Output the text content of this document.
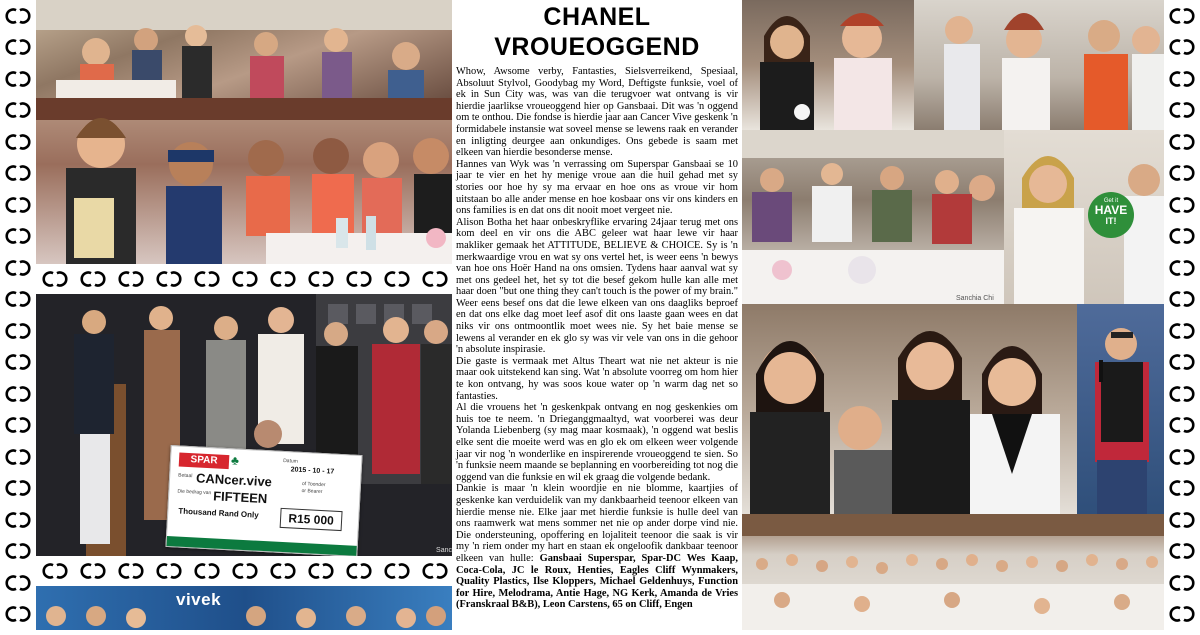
SPAR	♣	Datum
2015 - 10 - 17
Betaal CANcer.vive	of Toonder
or Bearer
Die bedrag van FIFTEEN
Thousand Rand Only	R15 000
Sanc
vivek
CHANEL
VROUEOGGEND

Whow, Awsome verby, Fantasties, Sielsverreikend, Spesiaal, Absoluut Stylvol, Goodybag my Word, Deftigste funksie, voel of ek in Sun City was, was van die terugvoer wat ontvang is vir hierdie jaarlikse vroueoggend hier op Gansbaai. Dit was 'n oggend om te onthou. Die fondse is hierdie jaar aan Cancer Vive geskenk 'n formidabele instansie wat soveel mense se lewens raak en verander en inligting deurgee aan onkundiges. Ons gebede is saam met elkeen van hierdie besonderse mense.

Hannes van Wyk was 'n verrassing om Superspar Gansbaai se 10 jaar te vier en het hy menige vroue aan die huil gehad met sy stories oor hoe hy sy ma ervaar en hoe ons as vroue vir hom uitstaan bo alle ander mense en hoe kosbaar ons vir ons kinders en ons families is en dat ons dit nooit moet vergeet nie.

Alison Botha het haar onbeskryflike ervaring 24jaar terug met ons kom deel en vir ons die ABC geleer wat haar lewe vir haar makliker gemaak het ATTITUDE, BELIEVE & CHOICE. Sy is 'n merkwaardige vrou en wat sy ons vertel het, is weer eens 'n bewys van hoe ons Hoër Hand na ons omsien. Tydens haar aanval wat sy met ons gedeel het, het sy tot die besef gekom hulle kan alle met haar doen "but one thing they can't touch is the power of my brain." Weer eens besef ons dat die lewe elkeen van ons daagliks beproef en dat ons elke dag moet leef asof dit ons laaste gaan wees en dat niks vir ons ontmoontlik moet wees nie. Sy het baie mense se lewens al verander en ek glo sy was vir vele van ons in die gehoor 'n absolute inspirasie.

Die gaste is vermaak met Altus Theart wat nie net akteur is nie maar ook uitstekend kan sing. Wat 'n absolute voorreg om hom hier te kon ontvang, hy was soos koue water op 'n warm dag net so fantasties.

Al die vrouens het 'n geskenkpak ontvang en nog geskenkies om huis toe te neem. 'n Drieganggmaaltyd, wat voorberei was deur Yolanda Liebenberg (sy mag maar kosmaak), 'n oggend wat beslis elke sent die moeite werd was en glo ek om elkeen weer volgende jaar vir nog 'n wonderlike en inspirerende vroueoggend te sien. So 'n funksie neem maande se beplanning en voorbereiding tot nog die oggend van die funksie en wil ek graag die volgende bedank.

Dankie is maar 'n klein woordjie en nie blomme, kaartjies of geskenke kan verduidelik van my dankbaarheid teenoor elkeen van hierdie mense nie. Elke jaar met hierdie funksie is hulle deel van ons raamwerk wat mens sommer net nie op ander dorpe vind nie. Die ondersteuning, opoffering en lojaliteit teenoor die saak is vir my 'n riem onder my hart en staan ek ongeloofik dankbaar teenoor elkeen van hulle: Gansbaai Superspar, Spar-DC Wes Kaap, Coca-Cola, JC le Roux, Henties, Eagles Cliff Wynmakers, Quality Plastics, Ilse Kloppers, Michael Geldenhuys, Function for Hire, Melodrama, Antie Hage, NG Kerk, Amanda de Vries (Franskraal B&B), Leon Carstens, 65 on Cliff, Engen

Get it
HAVE
IT!
Sanchia Chi
